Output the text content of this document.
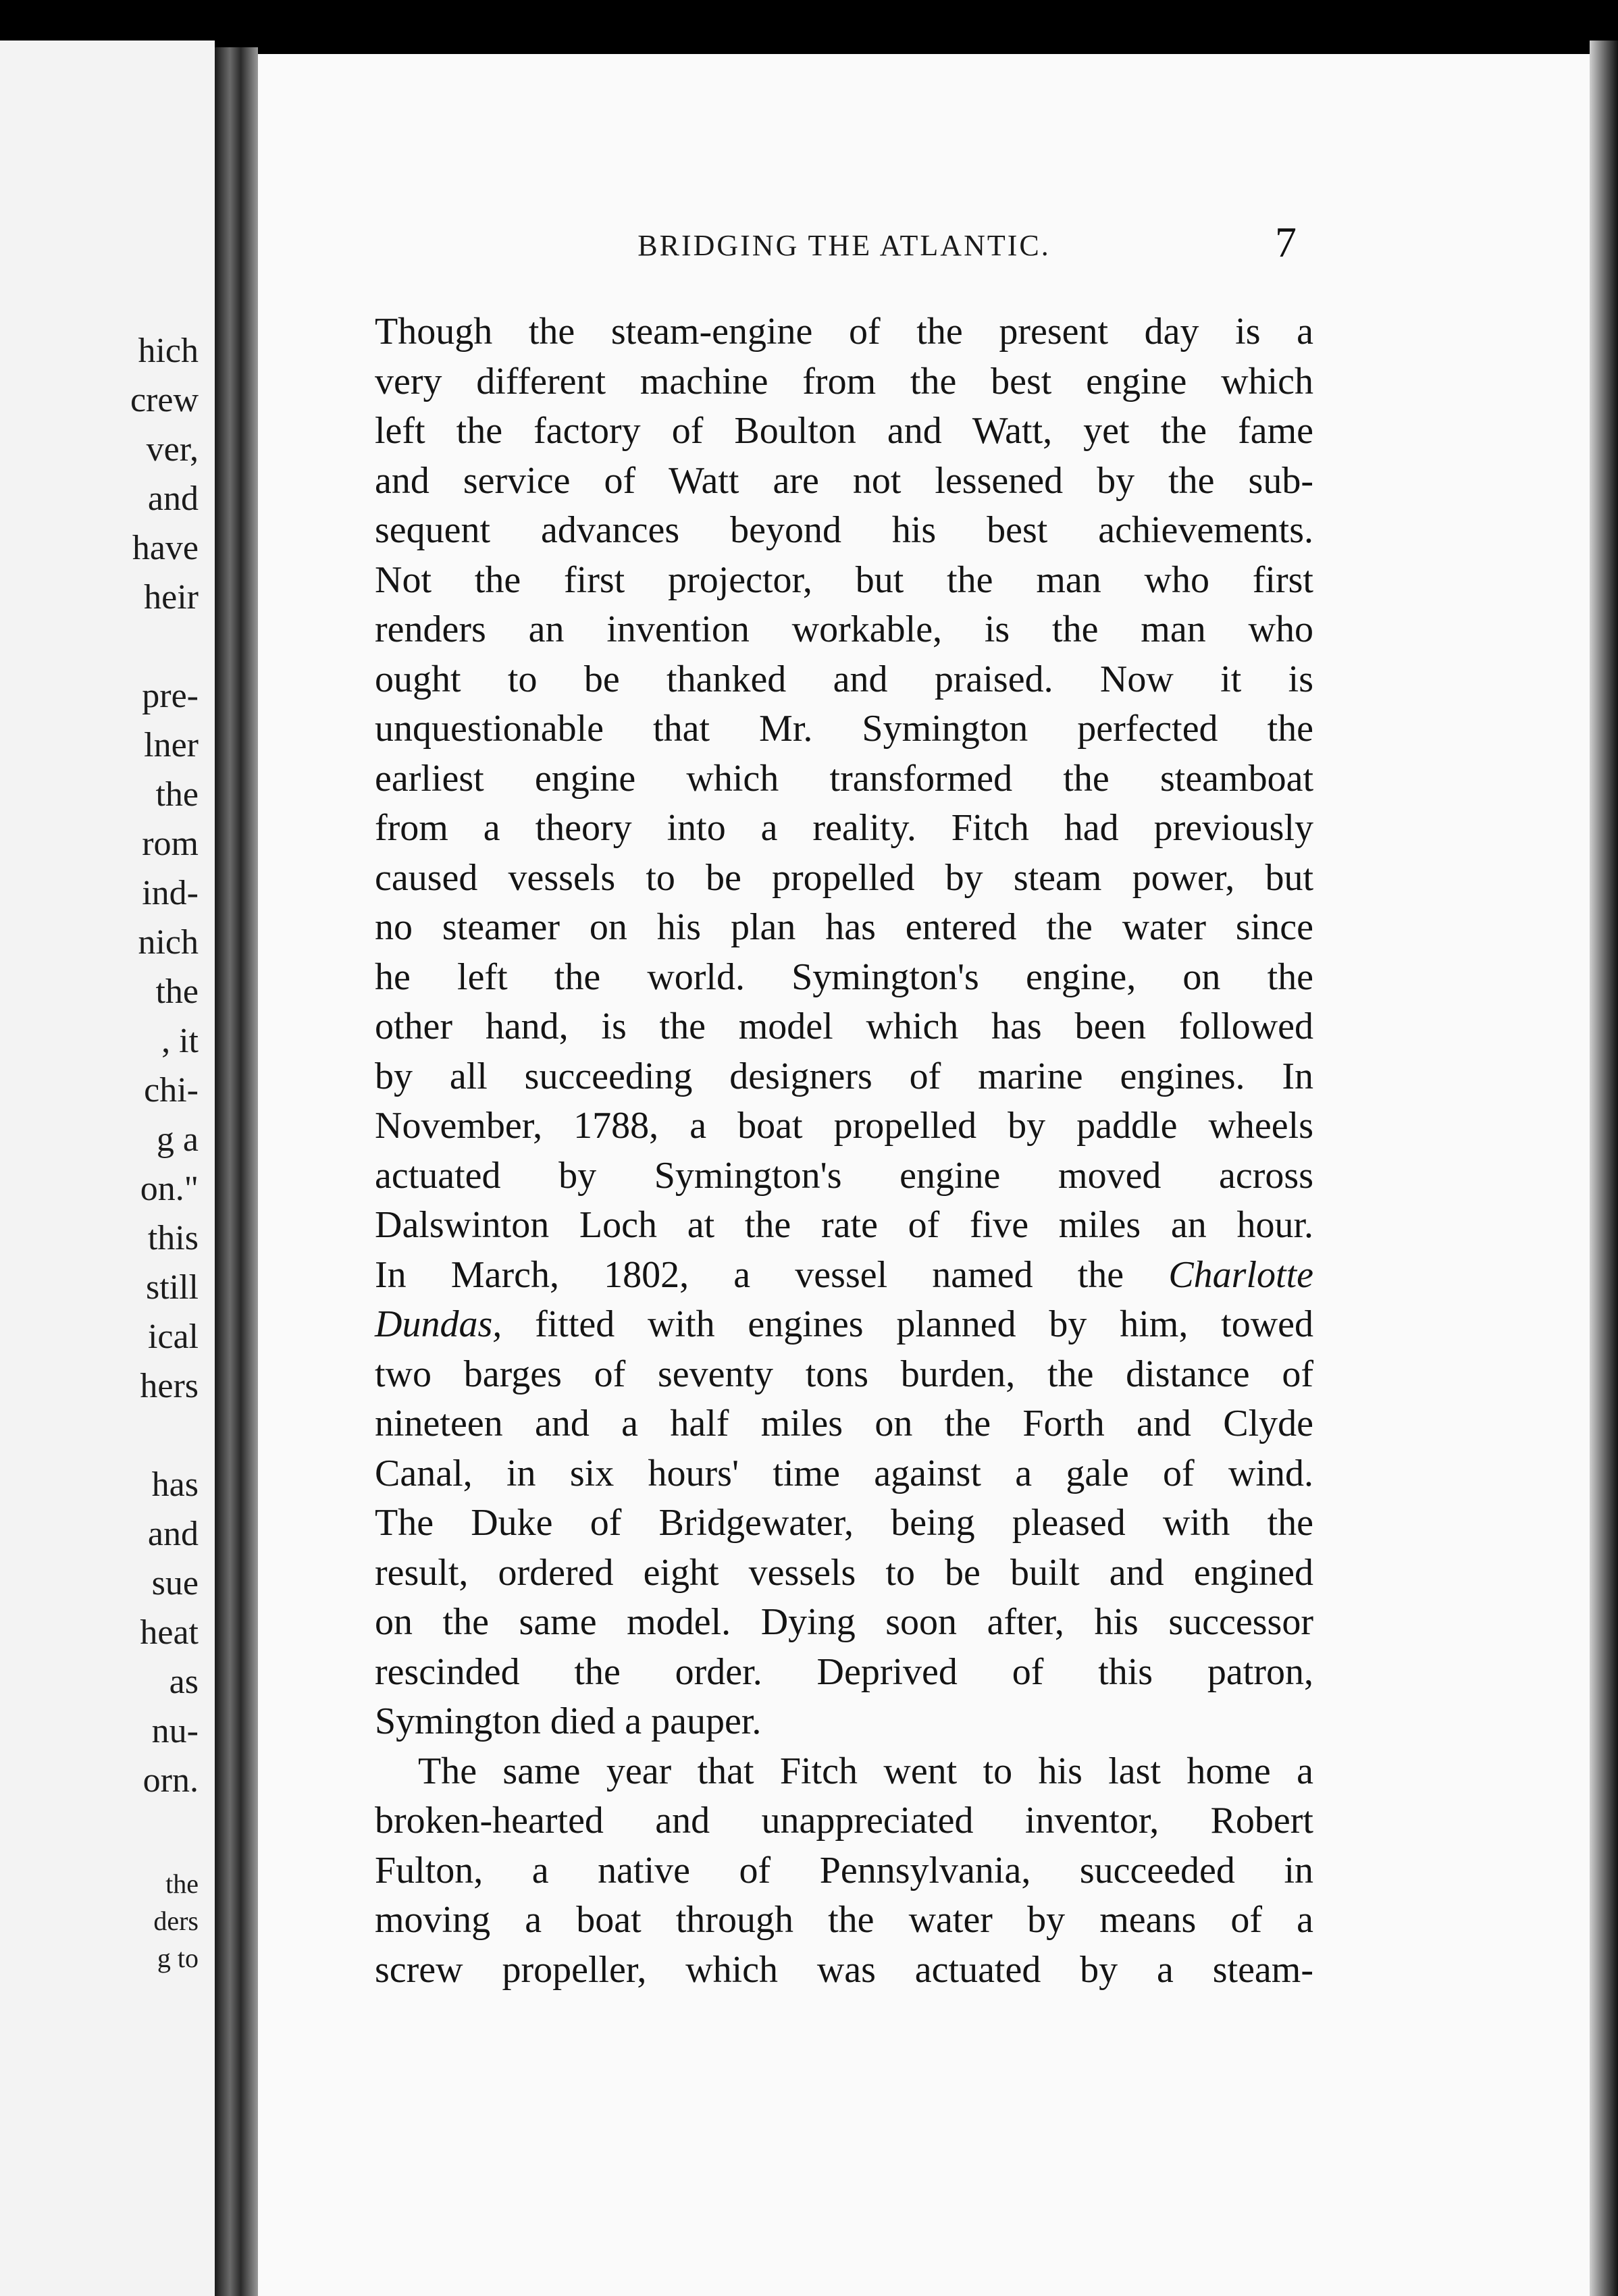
hich
crew
ver,
and
have
heir
pre-
lner
the
rom
ind-
nich
the
, it
chi-
g a
on."
this
still
ical
hers
has
and
sue
heat
as
nu-
orn.
the
ders
g to
BRIDGING THE ATLANTIC.	7
Though the steam-engine of the present day is a
very different machine from the best engine which
left the factory of Boulton and Watt, yet the fame
and service of Watt are not lessened by the sub-
sequent advances beyond his best achievements.
Not the first projector, but the man who first
renders an invention workable, is the man who
ought to be thanked and praised. Now it is
unquestionable that Mr. Symington perfected the
earliest engine which transformed the steamboat
from a theory into a reality. Fitch had previously
caused vessels to be propelled by steam power, but
no steamer on his plan has entered the water since
he left the world. Symington's engine, on the
other hand, is the model which has been followed
by all succeeding designers of marine engines. In
November, 1788, a boat propelled by paddle wheels
actuated by Symington's engine moved across
Dalswinton Loch at the rate of five miles an hour.
In March, 1802, a vessel named the Charlotte
Dundas, fitted with engines planned by him, towed
two barges of seventy tons burden, the distance of
nineteen and a half miles on the Forth and Clyde
Canal, in six hours' time against a gale of wind.
The Duke of Bridgewater, being pleased with the
result, ordered eight vessels to be built and engined
on the same model. Dying soon after, his successor
rescinded the order. Deprived of this patron,
Symington died a pauper.
The same year that Fitch went to his last home a
broken-hearted and unappreciated inventor, Robert
Fulton, a native of Pennsylvania, succeeded in
moving a boat through the water by means of a
screw propeller, which was actuated by a steam-
